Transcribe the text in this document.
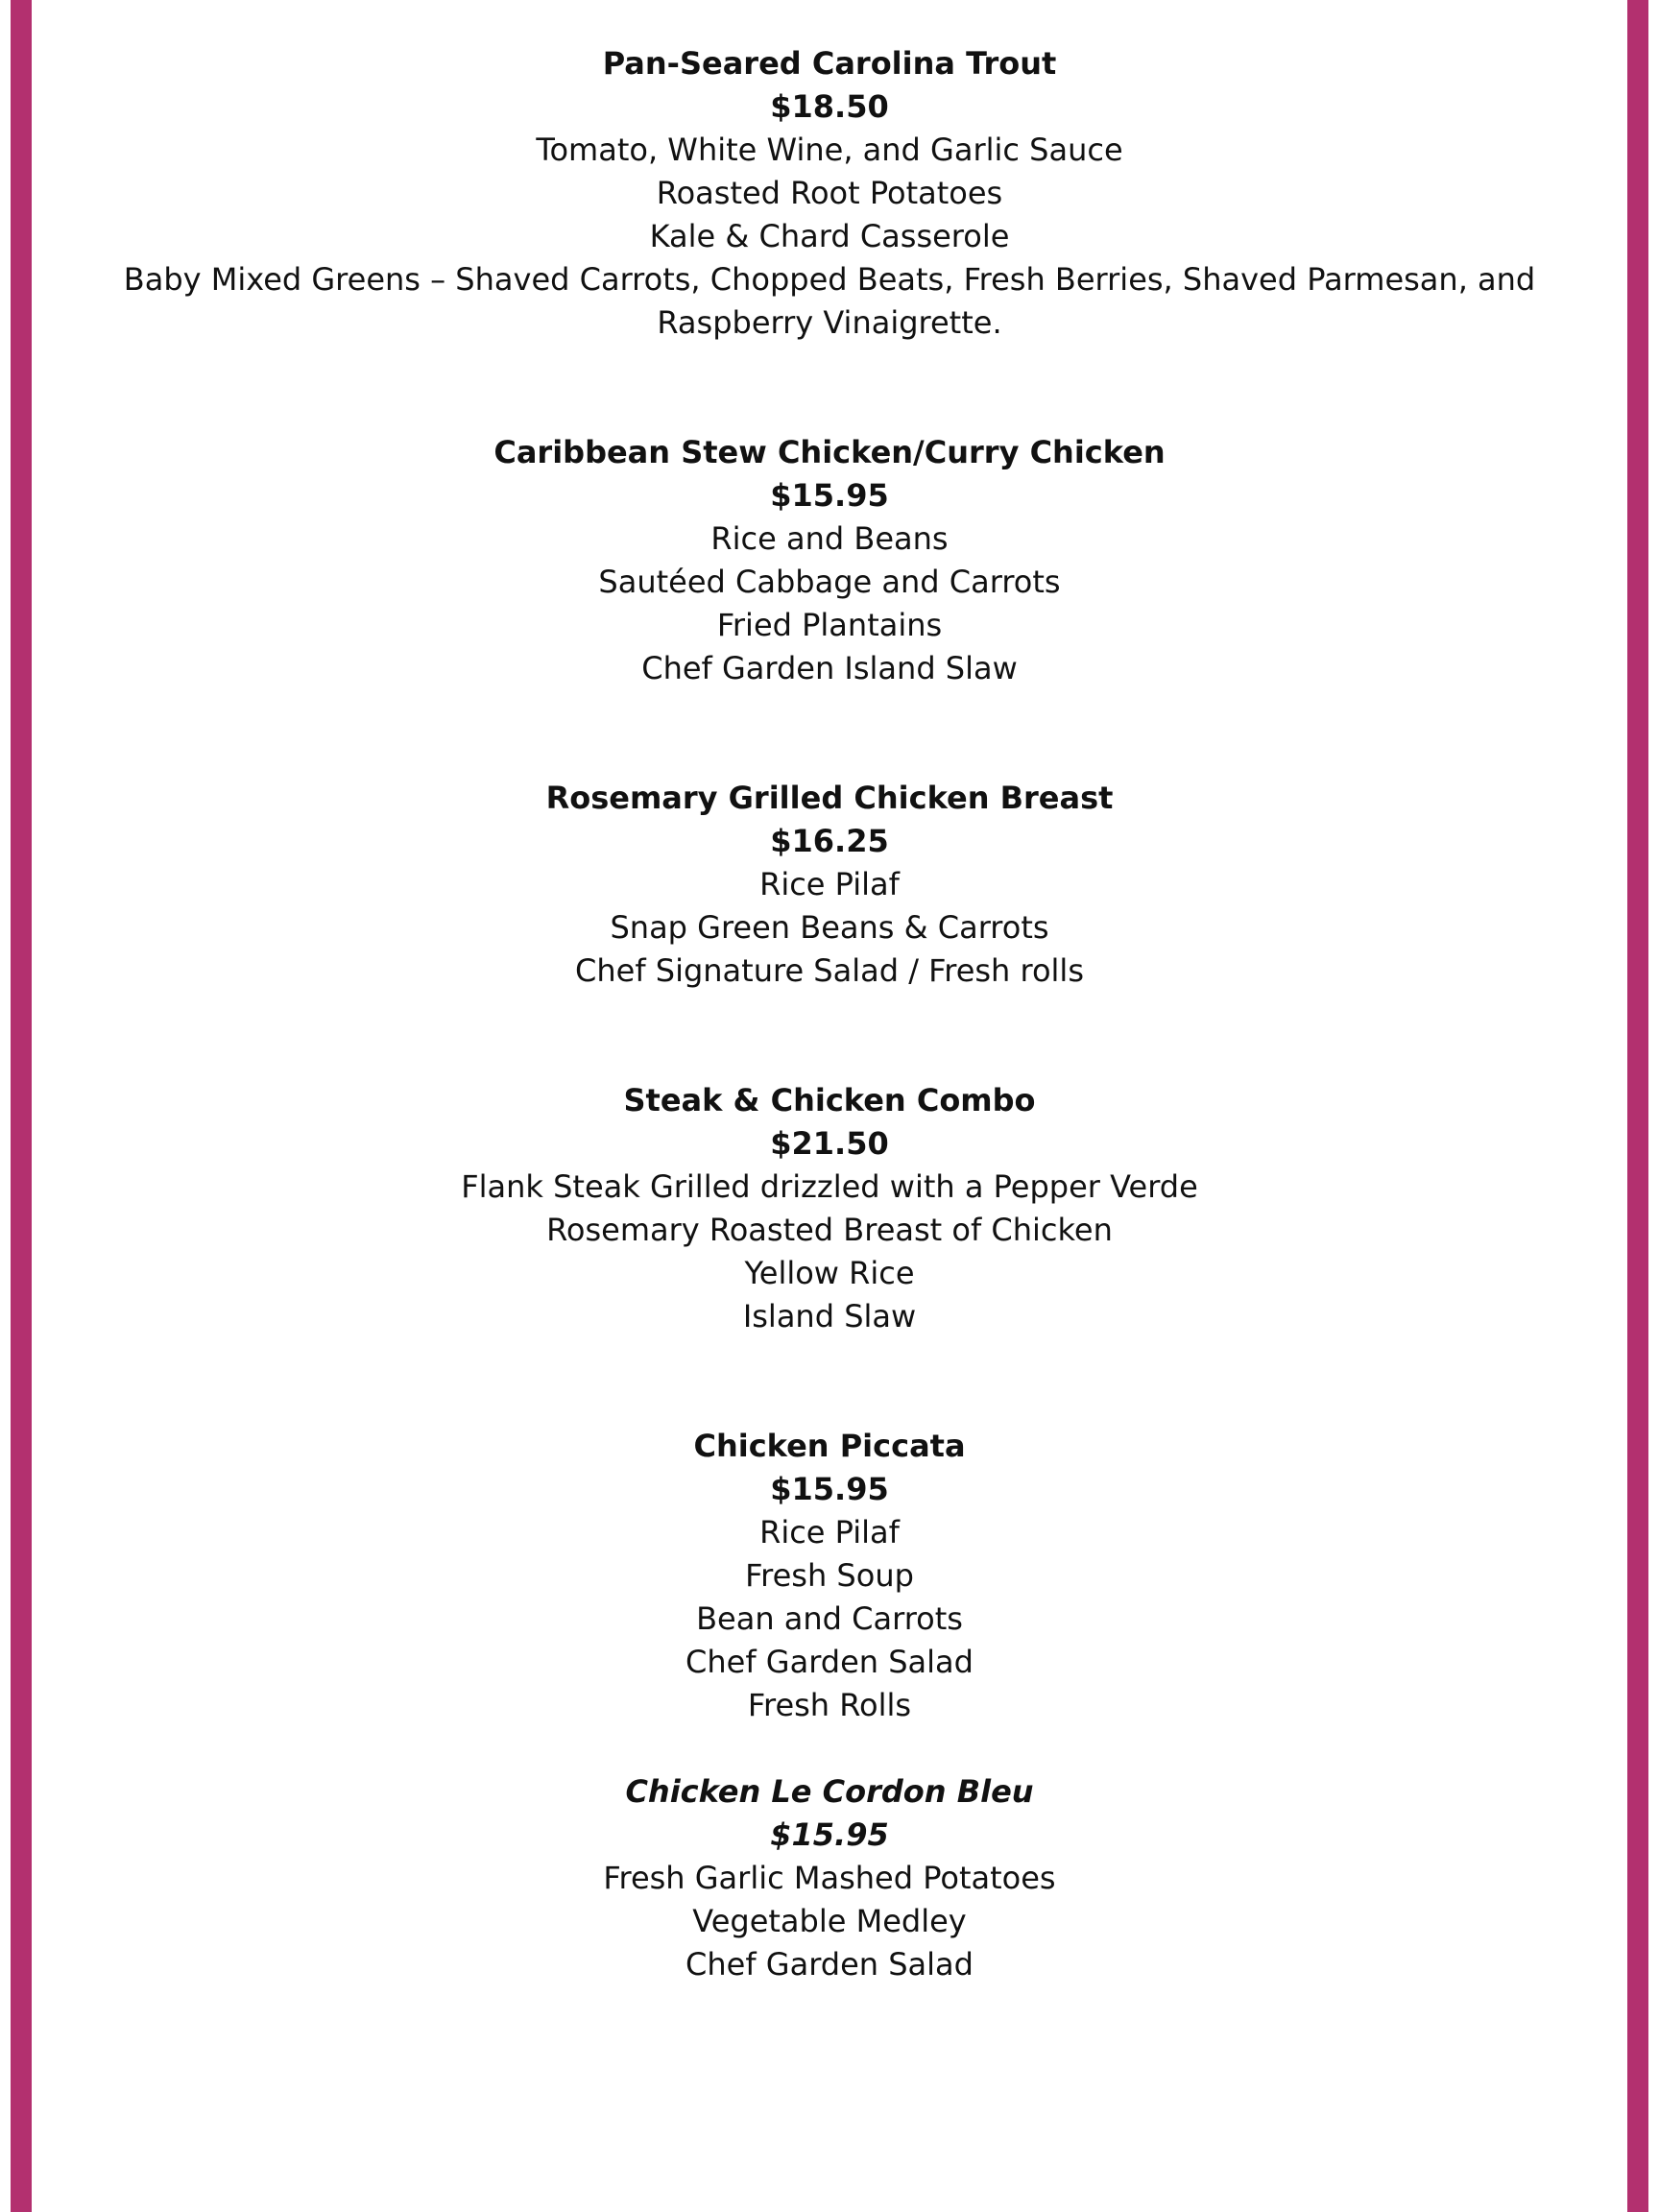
Pan-Seared Carolina Trout
$18.50
Tomato, White Wine, and Garlic Sauce
Roasted Root Potatoes
Kale & Chard Casserole
Baby Mixed Greens – Shaved Carrots, Chopped Beats, Fresh Berries, Shaved Parmesan, and Raspberry Vinaigrette.
Caribbean Stew Chicken/Curry Chicken
$15.95
Rice and Beans
Sautéed Cabbage and Carrots
Fried Plantains
Chef Garden Island Slaw
Rosemary Grilled Chicken Breast
$16.25
Rice Pilaf
Snap Green Beans & Carrots
Chef Signature Salad / Fresh rolls
Steak & Chicken Combo
$21.50
Flank Steak Grilled drizzled with a Pepper Verde
Rosemary Roasted Breast of Chicken
Yellow Rice
Island Slaw
Chicken Piccata
$15.95
Rice Pilaf
Fresh Soup
Bean and Carrots
Chef Garden Salad
Fresh Rolls
Chicken Le Cordon Bleu
$15.95
Fresh Garlic Mashed Potatoes
Vegetable Medley
Chef Garden Salad
